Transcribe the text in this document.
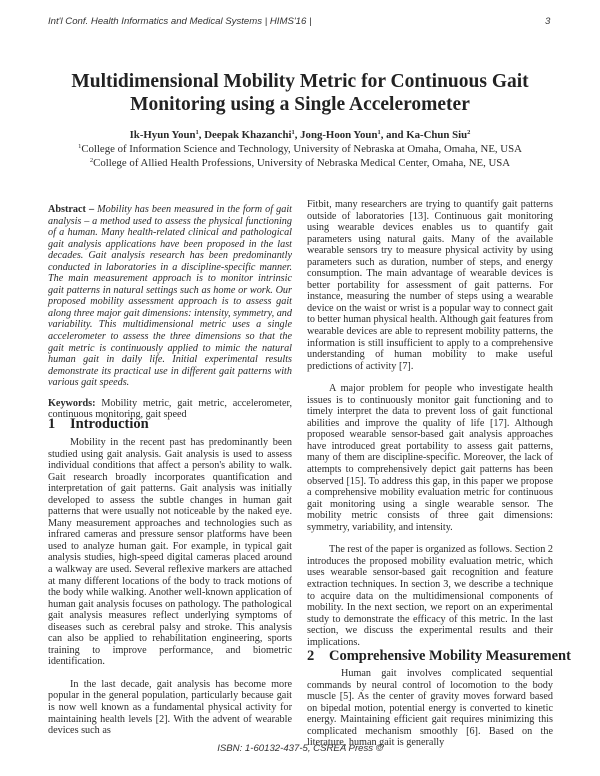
Int'l Conf. Health Informatics and Medical Systems | HIMS'16 |	3
Multidimensional Mobility Metric for Continuous Gait
Monitoring using a Single Accelerometer
Ik-Hyun Youn$^1$, Deepak Khazanchi$^1$, Jong-Hoon Youn$^1$, and Ka-Chun Siu$^2$
$^1$College of Information Science and Technology, University of Nebraska at Omaha, Omaha, NE, USA
$^2$College of Allied Health Professions, University of Nebraska Medical Center, Omaha, NE, USA

Abstract – Mobility has been measured in the form of gait analysis – a method used to assess the physical functioning of a human. Many health-related clinical and pathological gait analysis applications have been proposed in the last decades. Gait analysis research has been predominantly conducted in laboratories in a discipline-specific manner. The main measurement approach is to monitor intrinsic gait patterns in natural settings such as home or work. Our proposed mobility assessment approach is to assess gait along three major gait dimensions: intensity, symmetry, and variability. This multidimensional metric uses a single accelerometer to assess the three dimensions so that the gait metric is continuously applied to mimic the natural human gait in daily life. Initial experimental results demonstrate its practical use in different gait patterns with various gait speeds.

Keywords: Mobility metric, gait metric, accelerometer, continuous monitoring, gait speed

1 Introduction

Mobility in the recent past has predominantly been studied using gait analysis. Gait analysis is used to assess individual conditions that affect a person's ability to walk. Gait research broadly incorporates quantification and interpretation of gait patterns. Gait analysis was initially developed to assess the subtle changes in human gait patterns that were usually not noticeable by the naked eye. Many measurement approaches and technologies such as infrared cameras and pressure sensor platforms have been used to analyze human gait. For example, in typical gait analysis studies, high-speed digital cameras placed around a walkway are used. Several reflexive markers are attached at many different locations of the body to track motions of the body while walking. Another well-known application of human gait analysis focuses on pathology. The pathological gait analysis measures reflect underlying symptoms of diseases such as cerebral palsy and stroke. This analysis can also be applied to rehabilitation engineering, sports training to improve performance, and biometric identification.

In the last decade, gait analysis has become more popular in the general population, particularly because gait is now well known as a fundamental physical activity for maintaining health levels [2]. With the advent of wearable devices such as

Fitbit, many researchers are trying to quantify gait patterns outside of laboratories [13]. Continuous gait monitoring using wearable devices enables us to quantify gait parameters using natural gaits. Many of the available wearable sensors try to measure physical activity by using parameters such as duration, number of steps, and energy consumption. The main advantage of wearable devices is better portability for assessment of gait patterns. For instance, measuring the number of steps using a wearable device on the waist or wrist is a popular way to connect gait to better human physical health. Although gait features from wearable devices are able to represent mobility patterns, the information is still insufficient to apply to a comprehensive understanding of human mobility to make useful predictions of activity [7].

A major problem for people who investigate health issues is to continuously monitor gait functioning and to timely interpret the data to prevent loss of gait functional abilities and improve the quality of life [17]. Although proposed wearable sensor-based gait analysis approaches have introduced great portability to assess gait patterns, many of them are discipline-specific. Moreover, the lack of attempts to comprehensively depict gait patterns has been observed [15]. To address this gap, in this paper we propose a comprehensive mobility evaluation metric for continuous gait monitoring using a single wearable sensor. The mobility metric consists of three gait dimensions: symmetry, variability, and intensity.

The rest of the paper is organized as follows. Section 2 introduces the proposed mobility evaluation metric, which uses wearable sensor-based gait recognition and feature extraction techniques. In section 3, we describe a technique to acquire data on the multidimensional components of mobility. In the next section, we report on an experimental study to demonstrate the efficacy of this metric. In the last section, we discuss the experimental results and their implications.

2 Comprehensive Mobility Measurement

Human gait involves complicated sequential commands by neural control of locomotion to the body muscle [5]. As the center of gravity moves forward based on bipedal motion, potential energy is converted to kinetic energy. Maintaining efficient gait requires minimizing this complicated mechanism smoothly [6]. Based on the literature, human gait is generally

ISBN: 1-60132-437-5, CSREA Press ©
